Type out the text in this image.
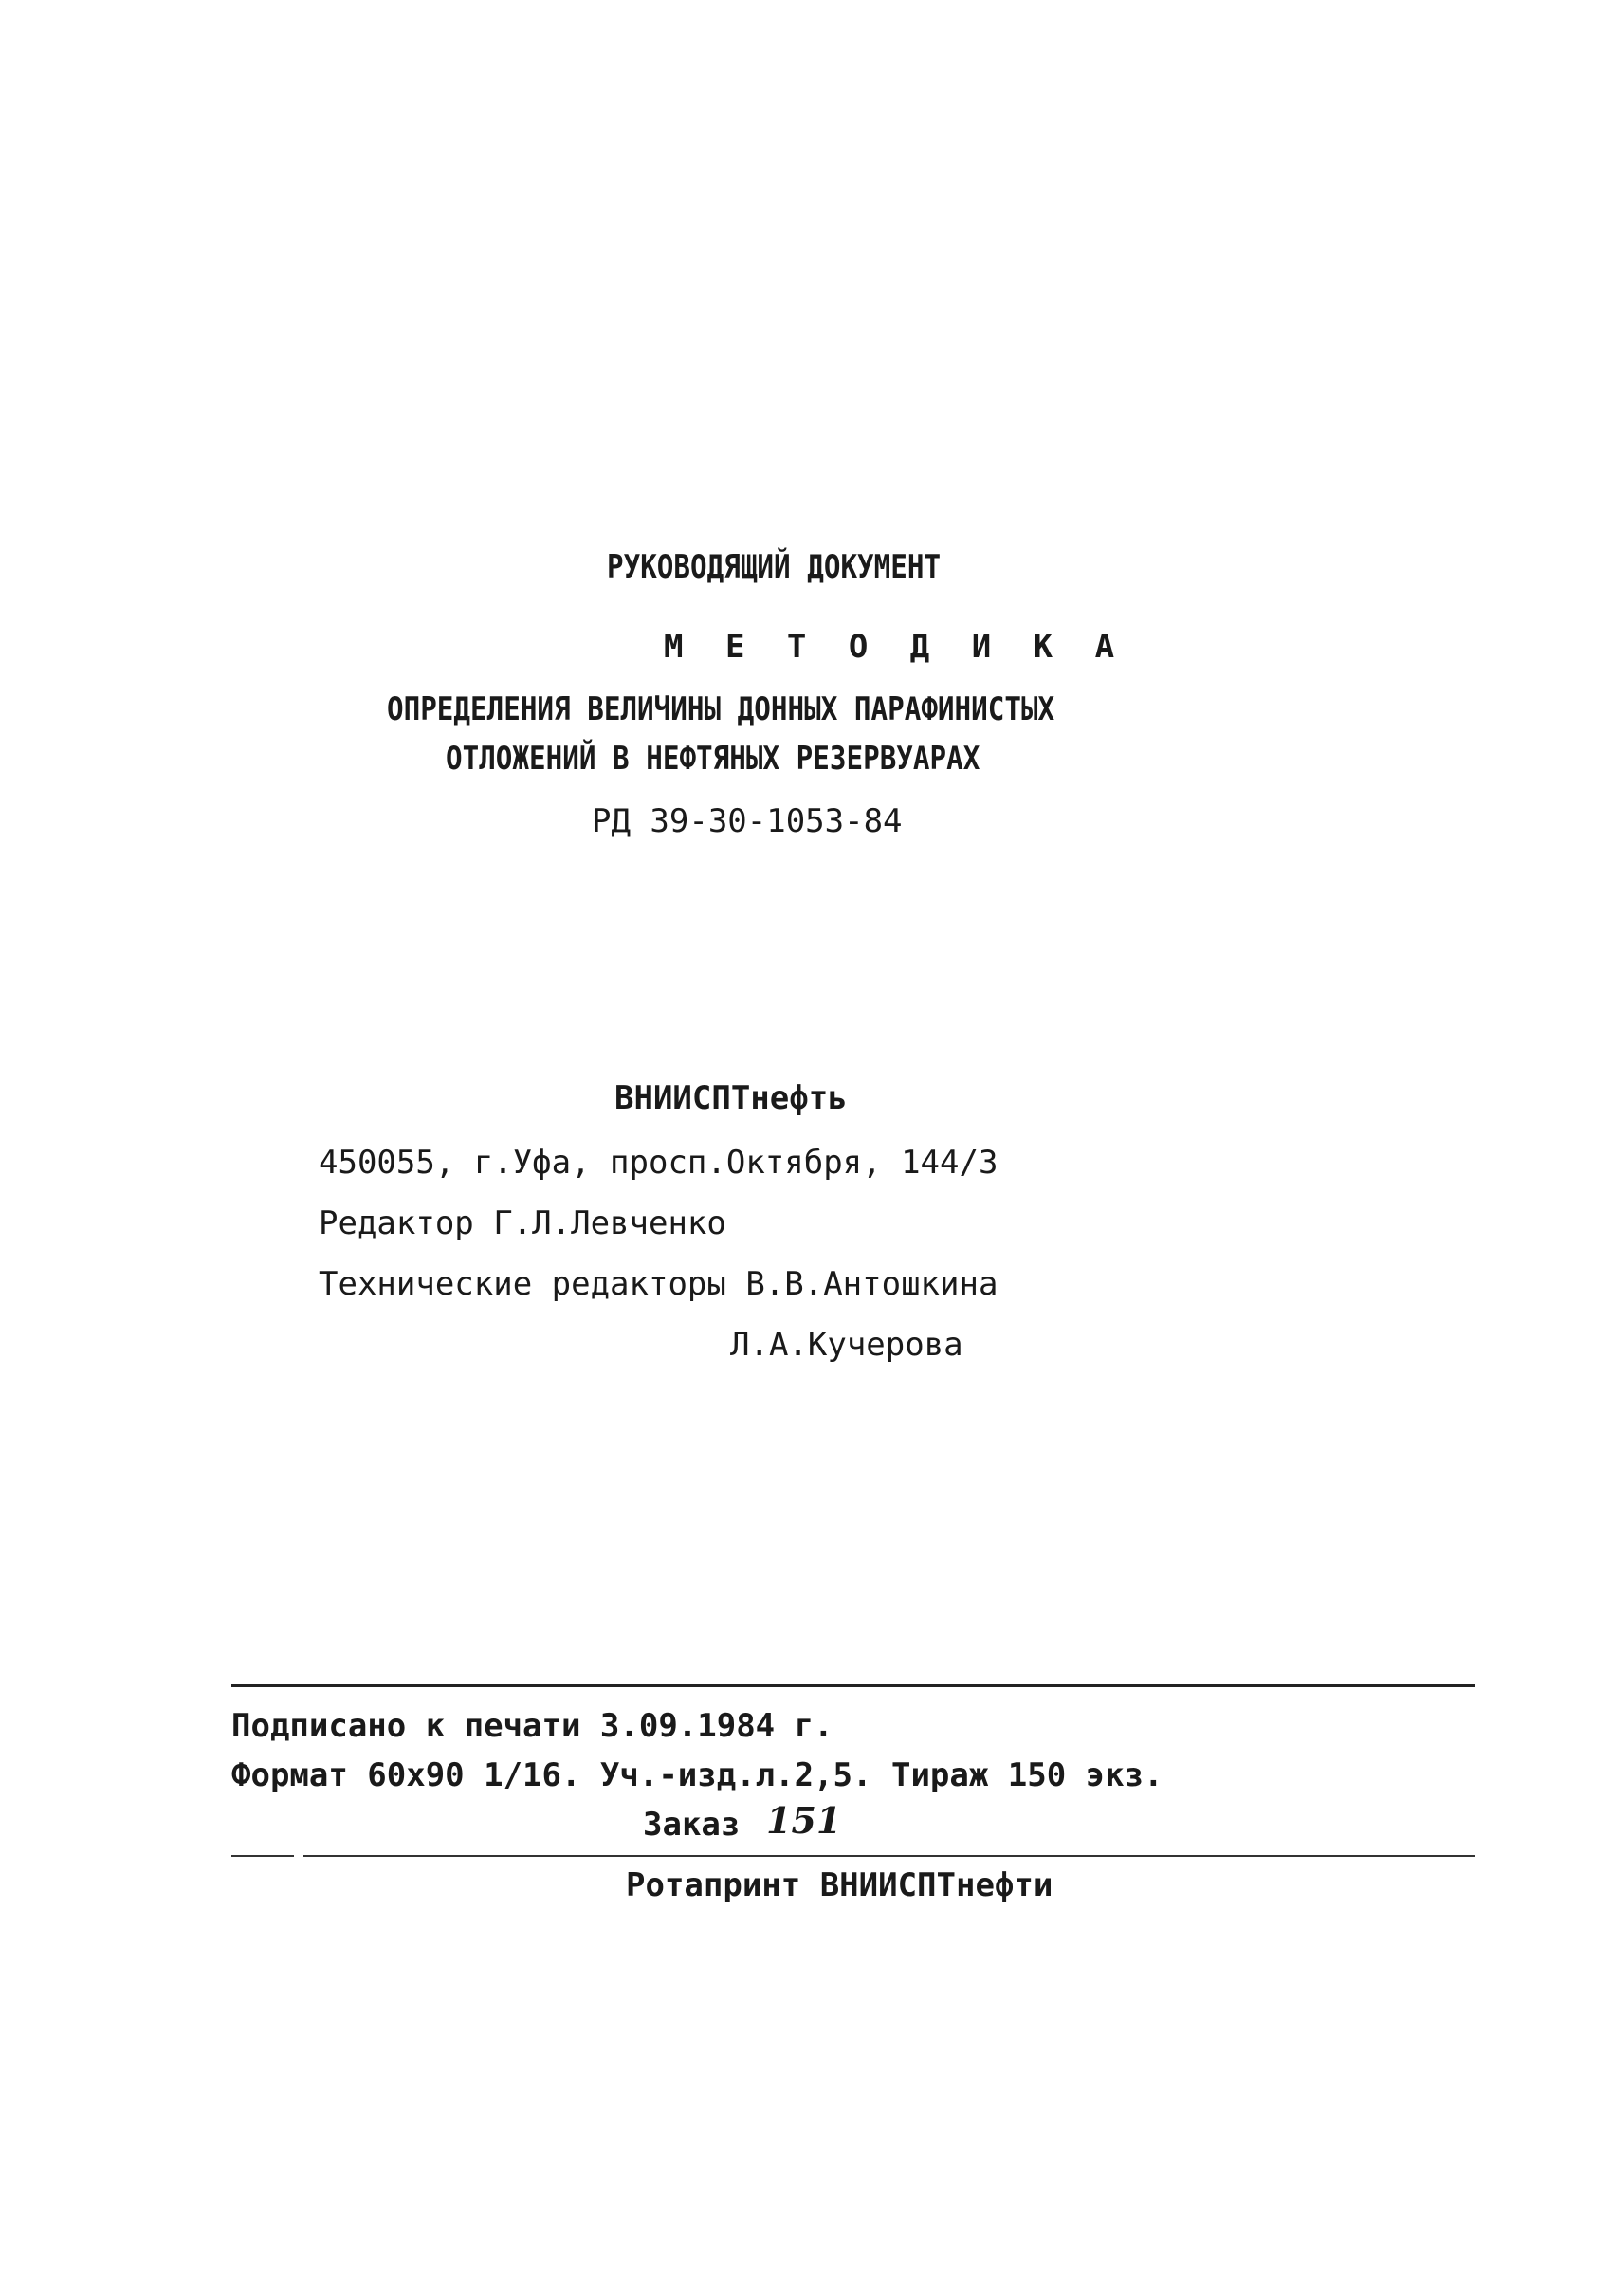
РУКОВОДЯЩИЙ ДОКУМЕНТ
М Е Т О Д И К А
ОПРЕДЕЛЕНИЯ ВЕЛИЧИНЫ ДОННЫХ ПАРАФИНИСТЫХ
ОТЛОЖЕНИЙ В НЕФТЯНЫХ РЕЗЕРВУАРАХ
РД 39-30-1053-84
ВНИИСПТнефть
450055, г.Уфа, просп.Октября, 144/3
Редактор Г.Л.Левченко
Технические редакторы В.В.Антошкина
Л.А.Кучерова
Подписано к печати 3.09.1984 г.
Формат 60х90 1/16. Уч.-изд.л.2,5. Тираж 150 экз.
Заказ 151
Ротапринт ВНИИСПТнефти
